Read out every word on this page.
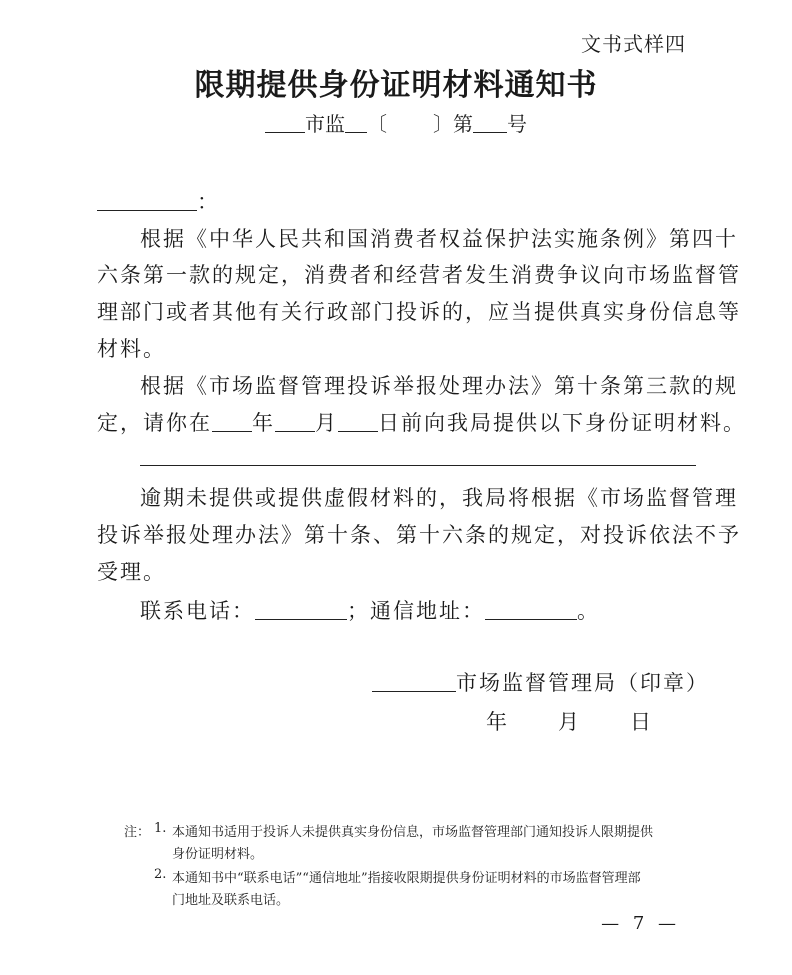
文书式样四
限期提供身份证明材料通知书
市监 〔 〕第 号
：
根据《中华人民共和国消费者权益保护法实施条例》第四十
六条第一款的规定，消费者和经营者发生消费争议向市场监督管
理部门或者其他有关行政部门投诉的，应当提供真实身份信息等
材料。
根据《市场监督管理投诉举报处理办法》第十条第三款的规
定，请你在 年 月 日前向我局提供以下身份证明材料。
逾期未提供或提供虚假材料的，我局将根据《市场监督管理
投诉举报处理办法》第十条、第十六条的规定，对投诉依法不予
受理。
联系电话：	；通信地址：	。
市场监督管理局（印章）
年　　月　　日
注： 1. 本通知书适用于投诉人未提供真实身份信息，市场监督管理部门通知投诉人限期提供
身份证明材料。
2. 本通知书中“联系电话”“通信地址”指接收限期提供身份证明材料的市场监督管理部
门地址及联系电话。
— 7 —
